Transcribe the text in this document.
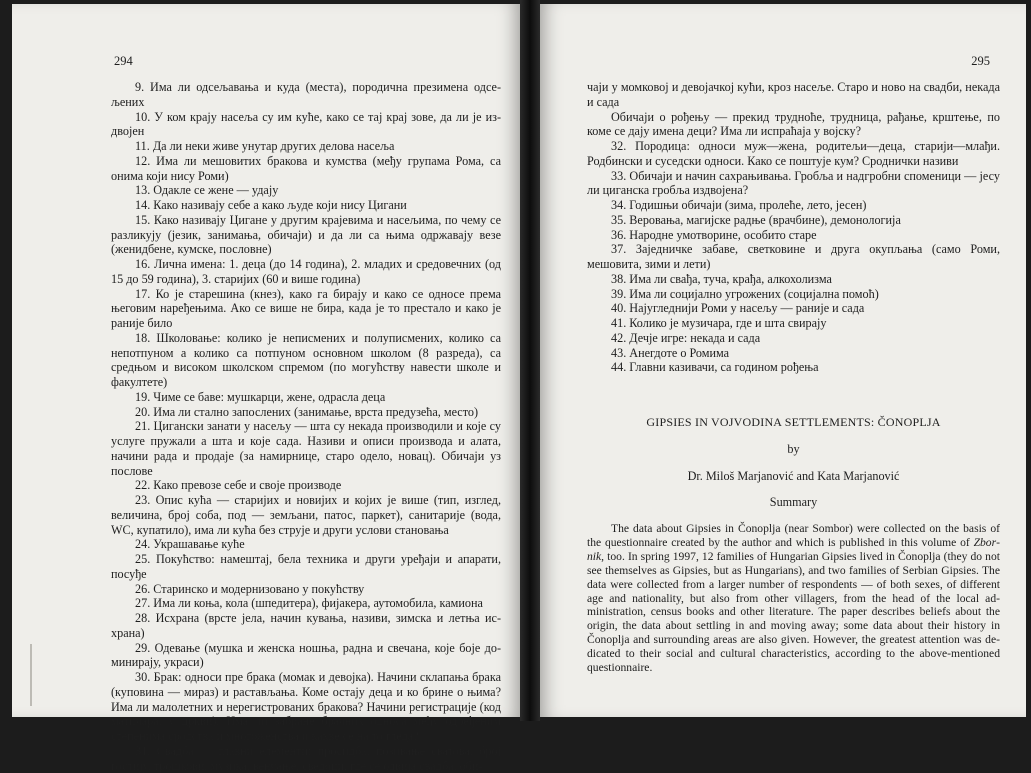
294

9. Има ли одсељавања и куда (места), породична презимена одсељених

10. У ком крају насеља су им куће, како се тај крај зове, да ли је издвојен

11. Да ли неки живе унутар других делова насеља

12. Има ли мешовитих бракова и кумства (међу групама Рома, са онима који нису Роми)

13. Одакле се жене — удају

14. Како називају себе а како људе који нису Цигани

15. Како називају Цигане у другим крајевима и насељима, по чему се разликују (језик, занимања, обичаји) и да ли са њима одржавају везе (женидбене, кумске, пословне)

16. Лична имена: 1. деца (до 14 година), 2. младих и средовечних (од 15 до 59 година), 3. старијих (60 и више година)

17. Ко је старешина (кнез), како га бирају и како се односе према његовим наређењима. Ако се више не бира, када је то престало и како је раније било

18. Школовање: колико је неписмених и полуписмених, колико са непотпуном а колико са потпуном основном школом (8 разреда), са средњом и високом школском спремом (по могућству навести школе и факултете)

19. Чиме се баве: мушкарци, жене, одрасла деца

20. Има ли стално запослених (занимање, врста предузећа, место)

21. Цигански занати у насељу — шта су некада производили и које су услуге пружали а шта и које сада. Називи и описи производа и алата, начини рада и продаје (за намирнице, старо одело, новац). Обичаји уз послове

22. Како превозе себе и своје производе

23. Опис кућа — старијих и новијих и којих је више (тип, изглед, величина, број соба, под — земљани, патос, паркет), санитарије (вода, WC, купатило), има ли кућа без струје и други услови становања

24. Украшавање куће

25. Покућство: намештај, бела техника и други уређаји и апарати, посуђе

26. Старинско и модернизовано у покућству

27. Има ли коња, кола (шпедитера), фијакера, аутомобила, камиона

28. Исхрана (врсте јела, начин кувања, називи, зимска и летња исхрана)

29. Одевање (мушка и женска ношња, радна и свечана, које боје доминирају, украси)

30. Брак: односи пре брака (момак и девојка). Начини склапања брака (куповина — мираз) и растављања. Коме остају деца и ко брине о њима? Има ли малолетних и нерегистрованих бракова? Начини регистрације (код матичара, у цркви). Има ли забране брачних односа међу одређеним степенима сродства и многоженства и какве се на то гледа?

31. Свадба — главни елементи: просидба, позивање сватова, број гостију, трошкови, музика, венчање, сведоци, где се одвија свадба, оби-

295

чаји у момковој и девојачкој кући, кроз насеље. Старо и ново на свадби, некада и сада

Обичаји о рођењу — прекид трудноће, трудница, рађање, крштење, по коме се дају имена деци? Има ли испраћаја у војску?

32. Породица: односи муж—жена, родитељи—деца, старији—млађи. Родбински и суседски односи. Како се поштује кум? Сроднички називи

33. Обичаји и начин сахрањивања. Гробља и надгробни споменици — јесу ли циганска гробља издвојена?

34. Годишњи обичаји (зима, пролеће, лето, јесен)

35. Веровања, магијске радње (врачбине), демонологија

36. Народне умотворине, особито старе

37. Заједничке забаве, светковине и друга окупљања (само Роми, мешовита, зими и лети)

38. Има ли свађа, туча, крађа, алкохолизма

39. Има ли социјално угрожених (социјална помоћ)

40. Најугледнији Роми у насељу — раније и сада

41. Колико је музичара, где и шта свирају

42. Дечје игре: некада и сада

43. Анегдоте о Ромима

44. Главни казивачи, са годином рођења

GIPSIES IN VOJVODINA SETTLEMENTS: ČONOPLJA

by

Dr. Miloš Marjanović and Kata Marjanović

Summary

The data about Gipsies in Čonoplja (near Sombor) were collected on the basis of the questionnaire created by the author and which is published in this volume of Zbornik, too. In spring 1997, 12 families of Hungarian Gipsies lived in Čonoplja (they do not see themselves as Gipsies, but as Hungarians), and two families of Serbian Gipsies. The data were collected from a larger number of respondents — of both sexes, of different age and nationality, but also from other villagers, from the head of the local administration, census books and other literature. The paper describes beliefs about the origin, the data about settling in and moving away; some data about their history in Čonoplja and surrounding areas are also given. However, the greatest attention was dedicated to their social and cultural characteristics, according to the above-mentioned questionnaire.
